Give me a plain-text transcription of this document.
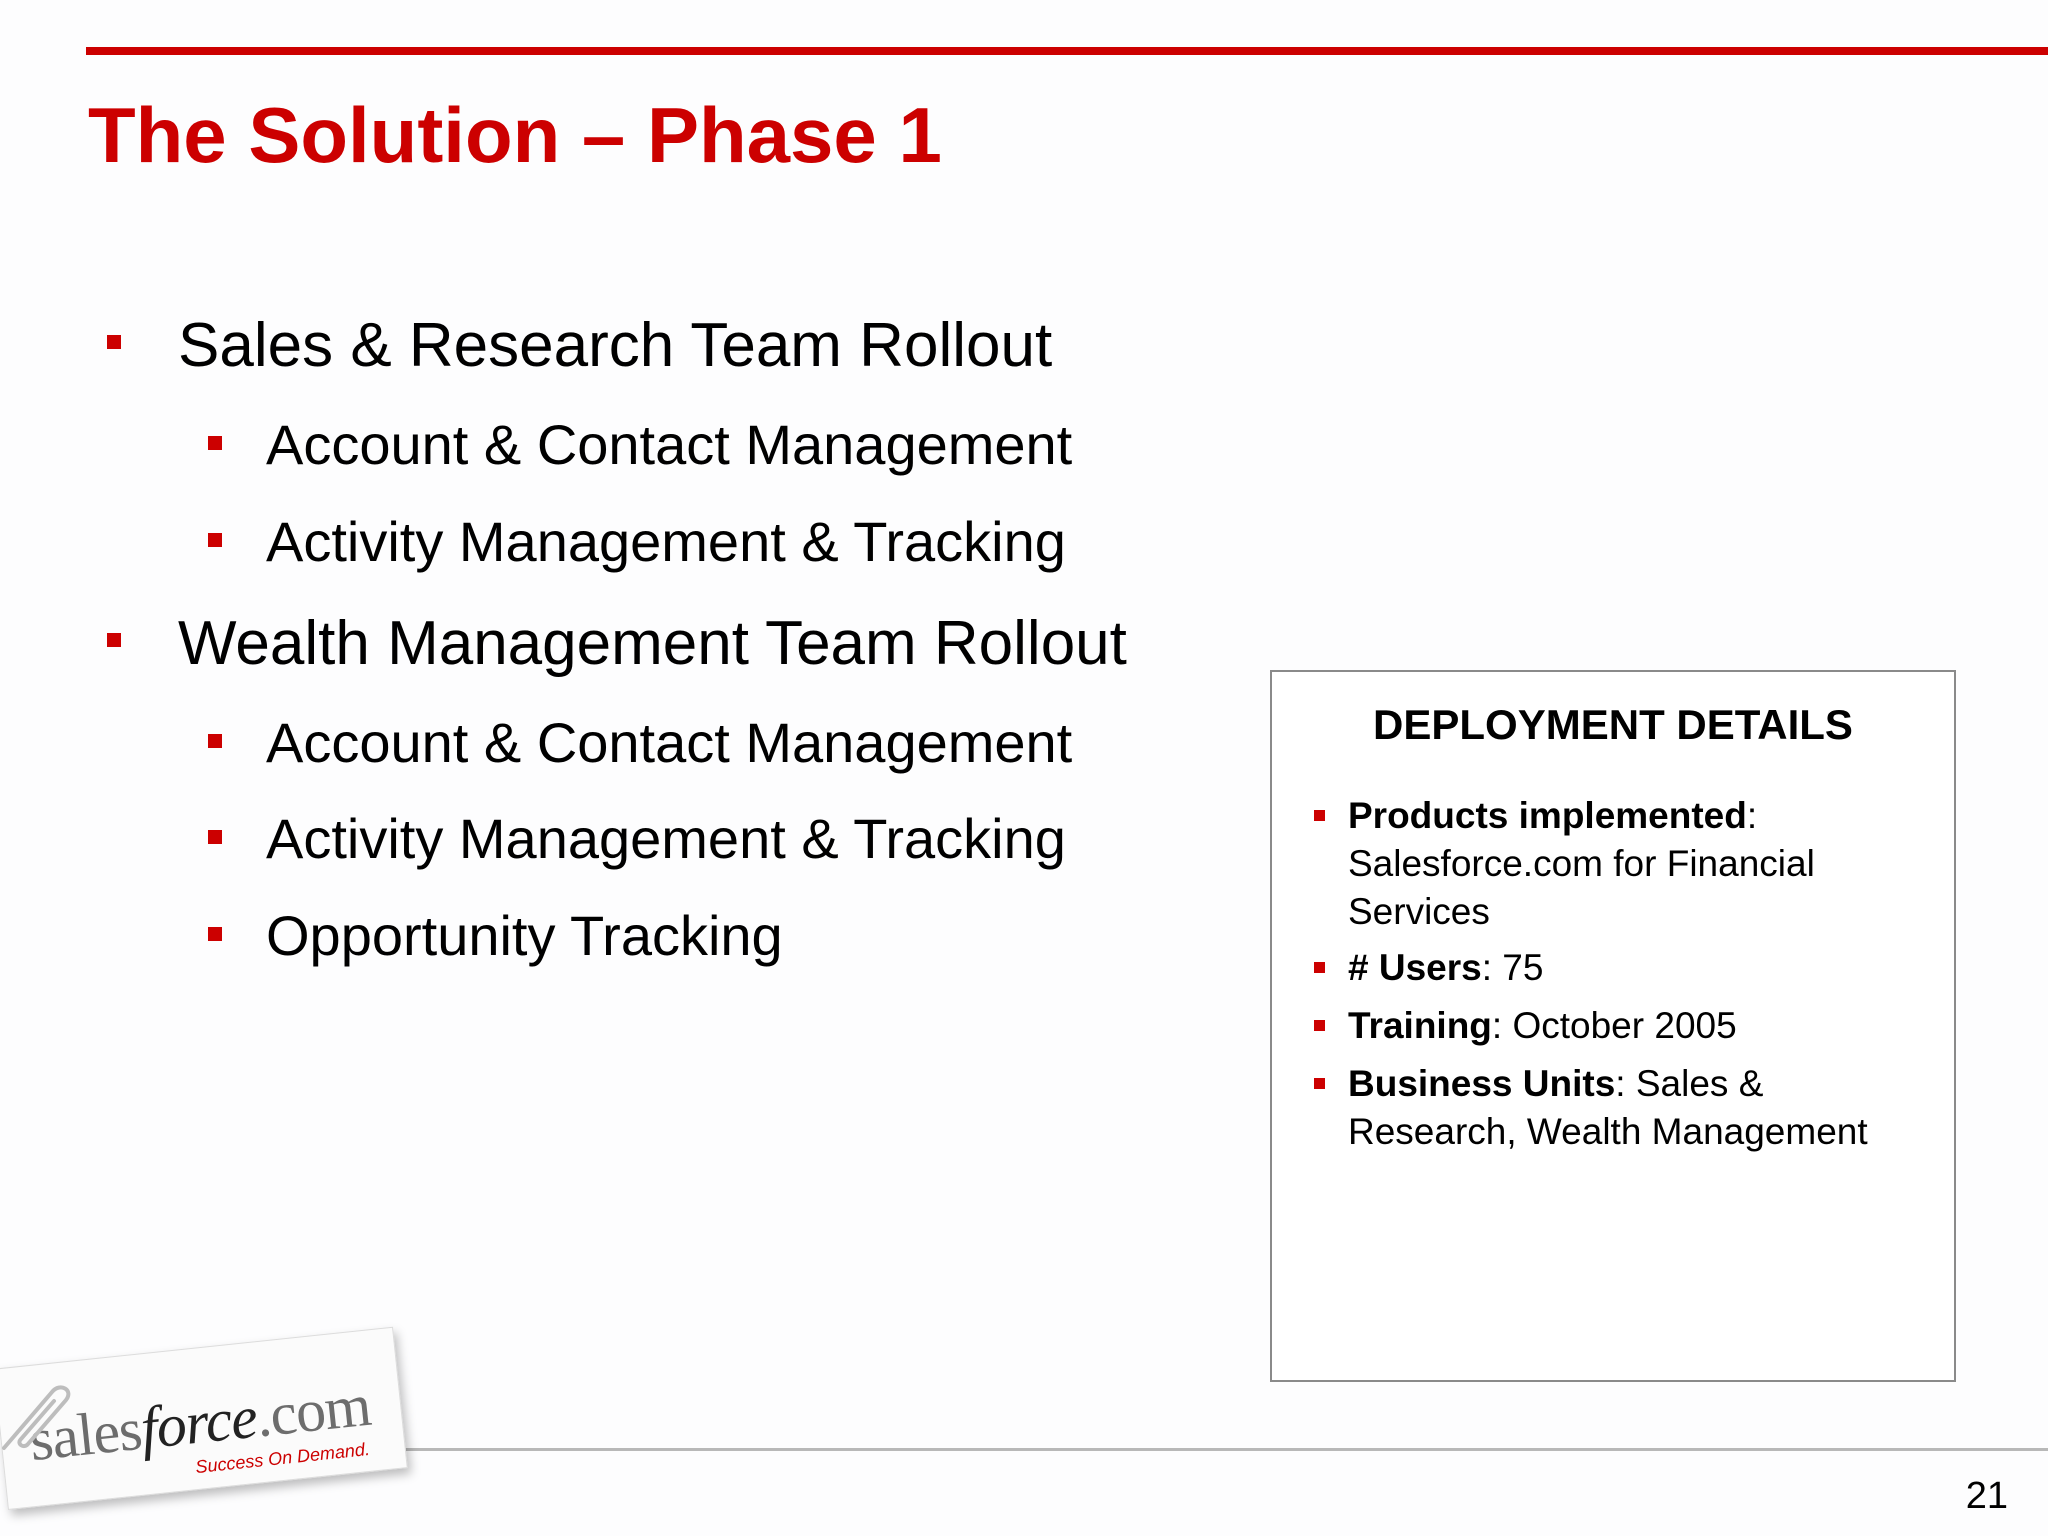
The Solution – Phase 1
Sales & Research Team Rollout
Account & Contact Management
Activity Management & Tracking
Wealth Management Team Rollout
Account & Contact Management
Activity Management & Tracking
Opportunity Tracking
DEPLOYMENT DETAILS
Products implemented: Salesforce.com for Financial Services
# Users: 75
Training: October 2005
Business Units: Sales & Research, Wealth Management
21
salesforce.com
Success On Demand.
